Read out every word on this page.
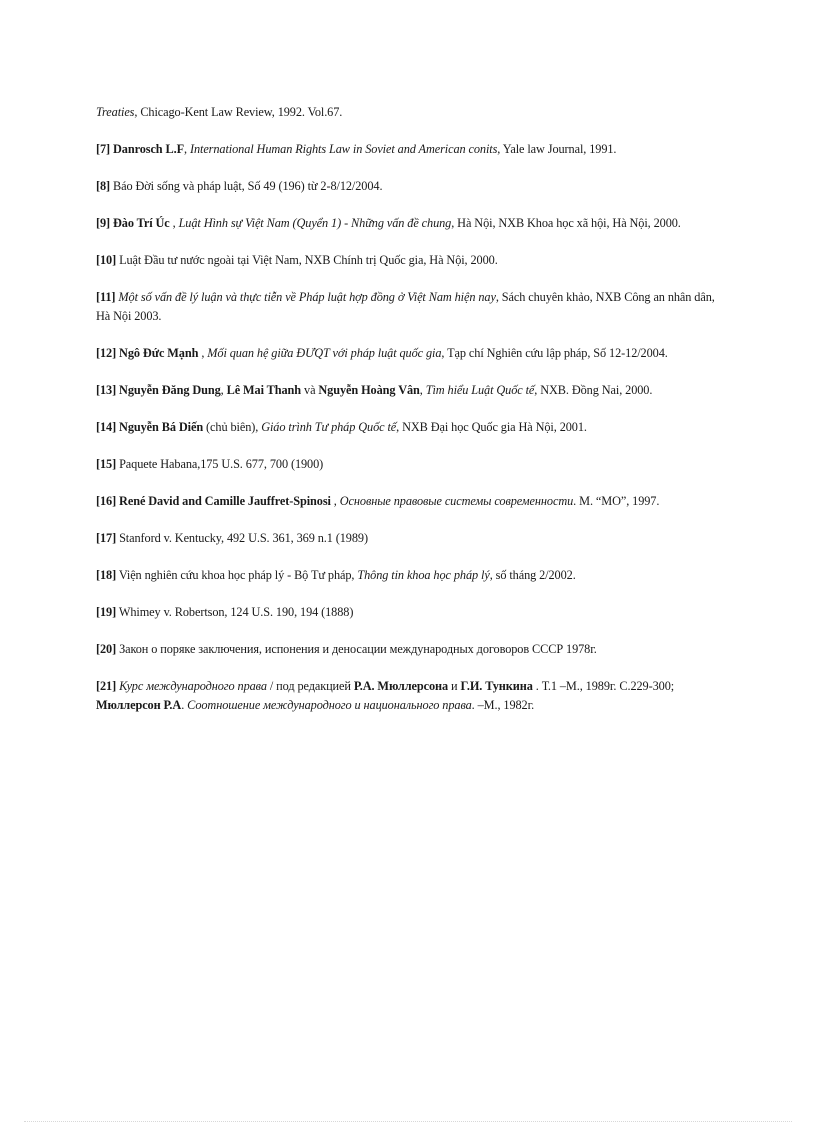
Treaties, Chicago-Kent Law Review, 1992. Vol.67.

[7] Danrosch L.F, International Human Rights Law in Soviet and American conits, Yale law Journal, 1991.

[8] Báo Đời sống và pháp luật, Số 49 (196) từ 2-8/12/2004.

[9] Đào Trí Úc , Luật Hình sự Việt Nam (Quyển 1) - Những vấn đề chung, Hà Nội, NXB Khoa học xã hội, Hà Nội, 2000.

[10] Luật Đầu tư nước ngoài tại Việt Nam, NXB Chính trị Quốc gia, Hà Nội, 2000.

[11] Một số vấn đề lý luận và thực tiễn về Pháp luật hợp đồng ở Việt Nam hiện nay, Sách chuyên khảo, NXB Công an nhân dân, Hà Nội 2003.

[12] Ngô Đức Mạnh , Mối quan hệ giữa ĐƯQT với pháp luật quốc gia, Tạp chí Nghiên cứu lập pháp, Số 12-12/2004.

[13] Nguyễn Đăng Dung, Lê Mai Thanh và Nguyễn Hoàng Vân, Tìm hiểu Luật Quốc tế, NXB. Đồng Nai, 2000.

[14] Nguyễn Bá Diến (chủ biên), Giáo trình Tư pháp Quốc tế, NXB Đại học Quốc gia Hà Nội, 2001.

[15] Paquete Habana,175 U.S. 677, 700 (1900)

[16] René David and Camille Jauffret-Spinosi , Основные правовые системы современности. М. “МО”, 1997.

[17] Stanford v. Kentucky, 492 U.S. 361, 369 n.1 (1989)

[18] Viện nghiên cứu khoa học pháp lý - Bộ Tư pháp, Thông tin khoa học pháp lý, số tháng 2/2002.

[19] Whimey v. Robertson, 124 U.S. 190, 194 (1888)

[20] Закон о поряке заключения, испонения и деносации международных договоров СССР 1978г.

[21] Курс международного права / под редакцией Р.А. Мюллерсона и Г.И. Тункина . Т.1 –М., 1989г. С.229-300; Мюллерсон Р.А. Соотношение международного и национального права. –М., 1982г.
